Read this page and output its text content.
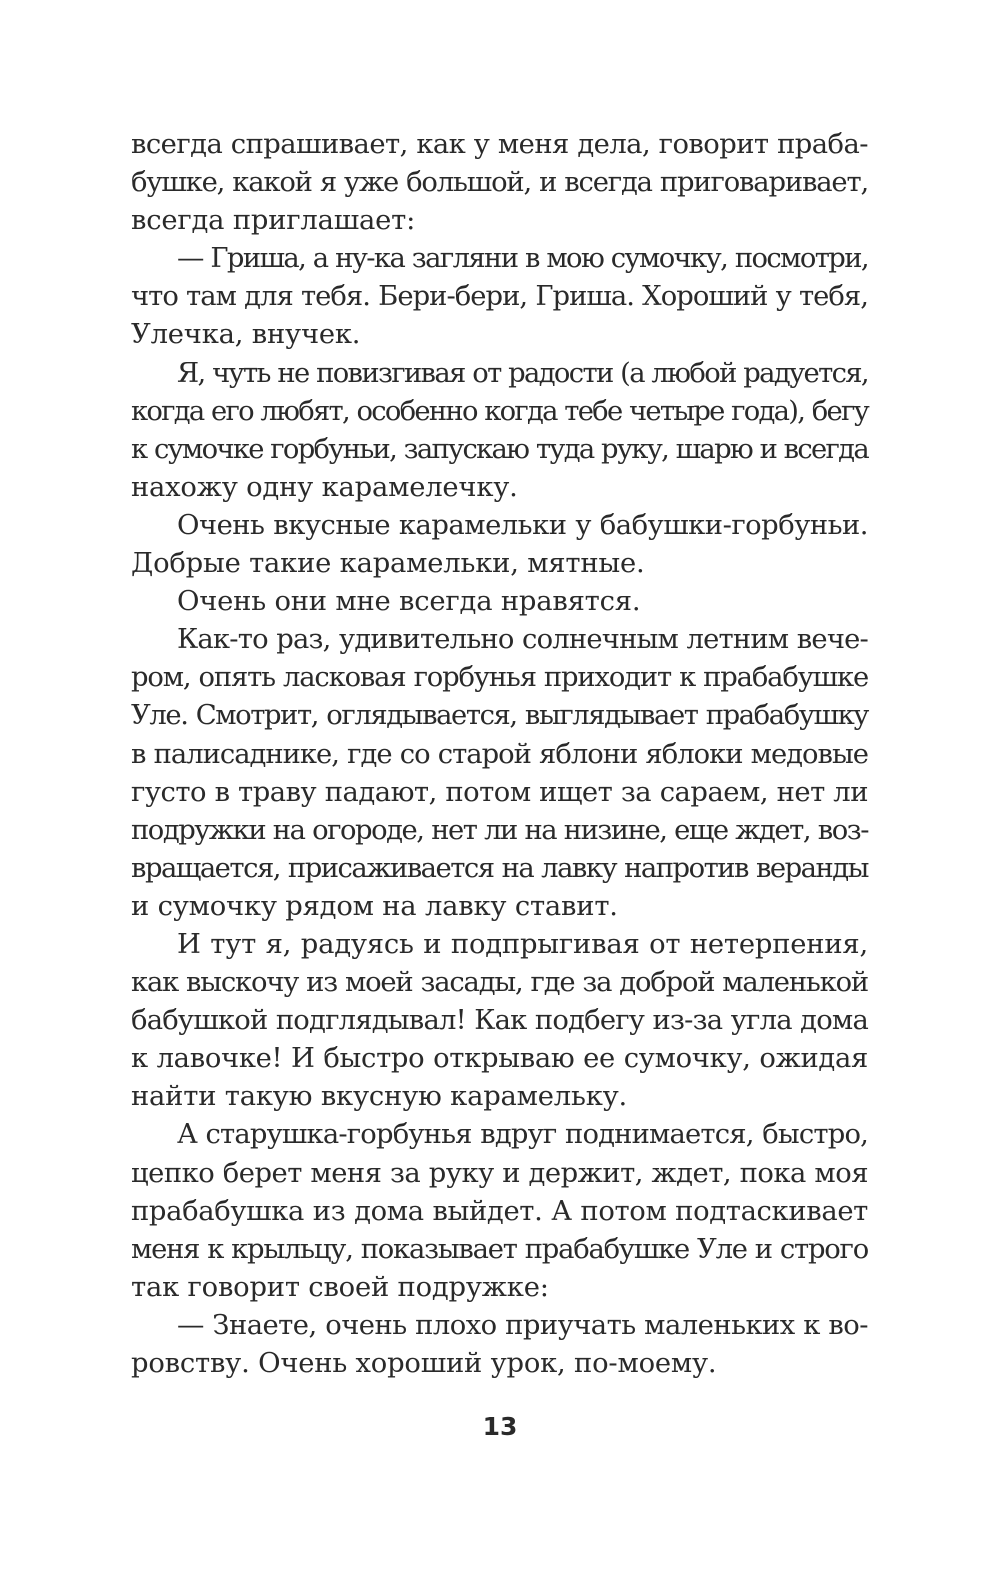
всегда спрашивает, как у меня дела, говорит праба-
бушке, какой я уже большой, и всегда приговаривает,
всегда приглашает:
— Гриша, а ну-ка загляни в мою сумочку, посмотри,
что там для тебя. Бери-бери, Гриша. Хороший у тебя,
Улечка, внучек.
Я, чуть не повизгивая от радости (а любой радуется,
когда его любят, особенно когда тебе четыре года), бегу
к сумочке горбуньи, запускаю туда руку, шарю и всегда
нахожу одну карамелечку.
Очень вкусные карамельки у бабушки-горбуньи.
Добрые такие карамельки, мятные.
Очень они мне всегда нравятся.
Как-то раз, удивительно солнечным летним вече-
ром, опять ласковая горбунья приходит к прабабушке
Уле. Смотрит, оглядывается, выглядывает прабабушку
в палисаднике, где со старой яблони яблоки медовые
густо в траву падают, потом ищет за сараем, нет ли
подружки на огороде, нет ли на низине, еще ждет, воз-
вращается, присаживается на лавку напротив веранды
и сумочку рядом на лавку ставит.
И тут я, радуясь и подпрыгивая от нетерпения,
как выскочу из моей засады, где за доброй маленькой
бабушкой подглядывал! Как подбегу из-за угла дома
к лавочке! И быстро открываю ее сумочку, ожидая
найти такую вкусную карамельку.
А старушка-горбунья вдруг поднимается, быстро,
цепко берет меня за руку и держит, ждет, пока моя
прабабушка из дома выйдет. А потом подтаскивает
меня к крыльцу, показывает прабабушке Уле и строго
так говорит своей подружке:
— Знаете, очень плохо приучать маленьких к во-
ровству. Очень хороший урок, по-моему.
13
